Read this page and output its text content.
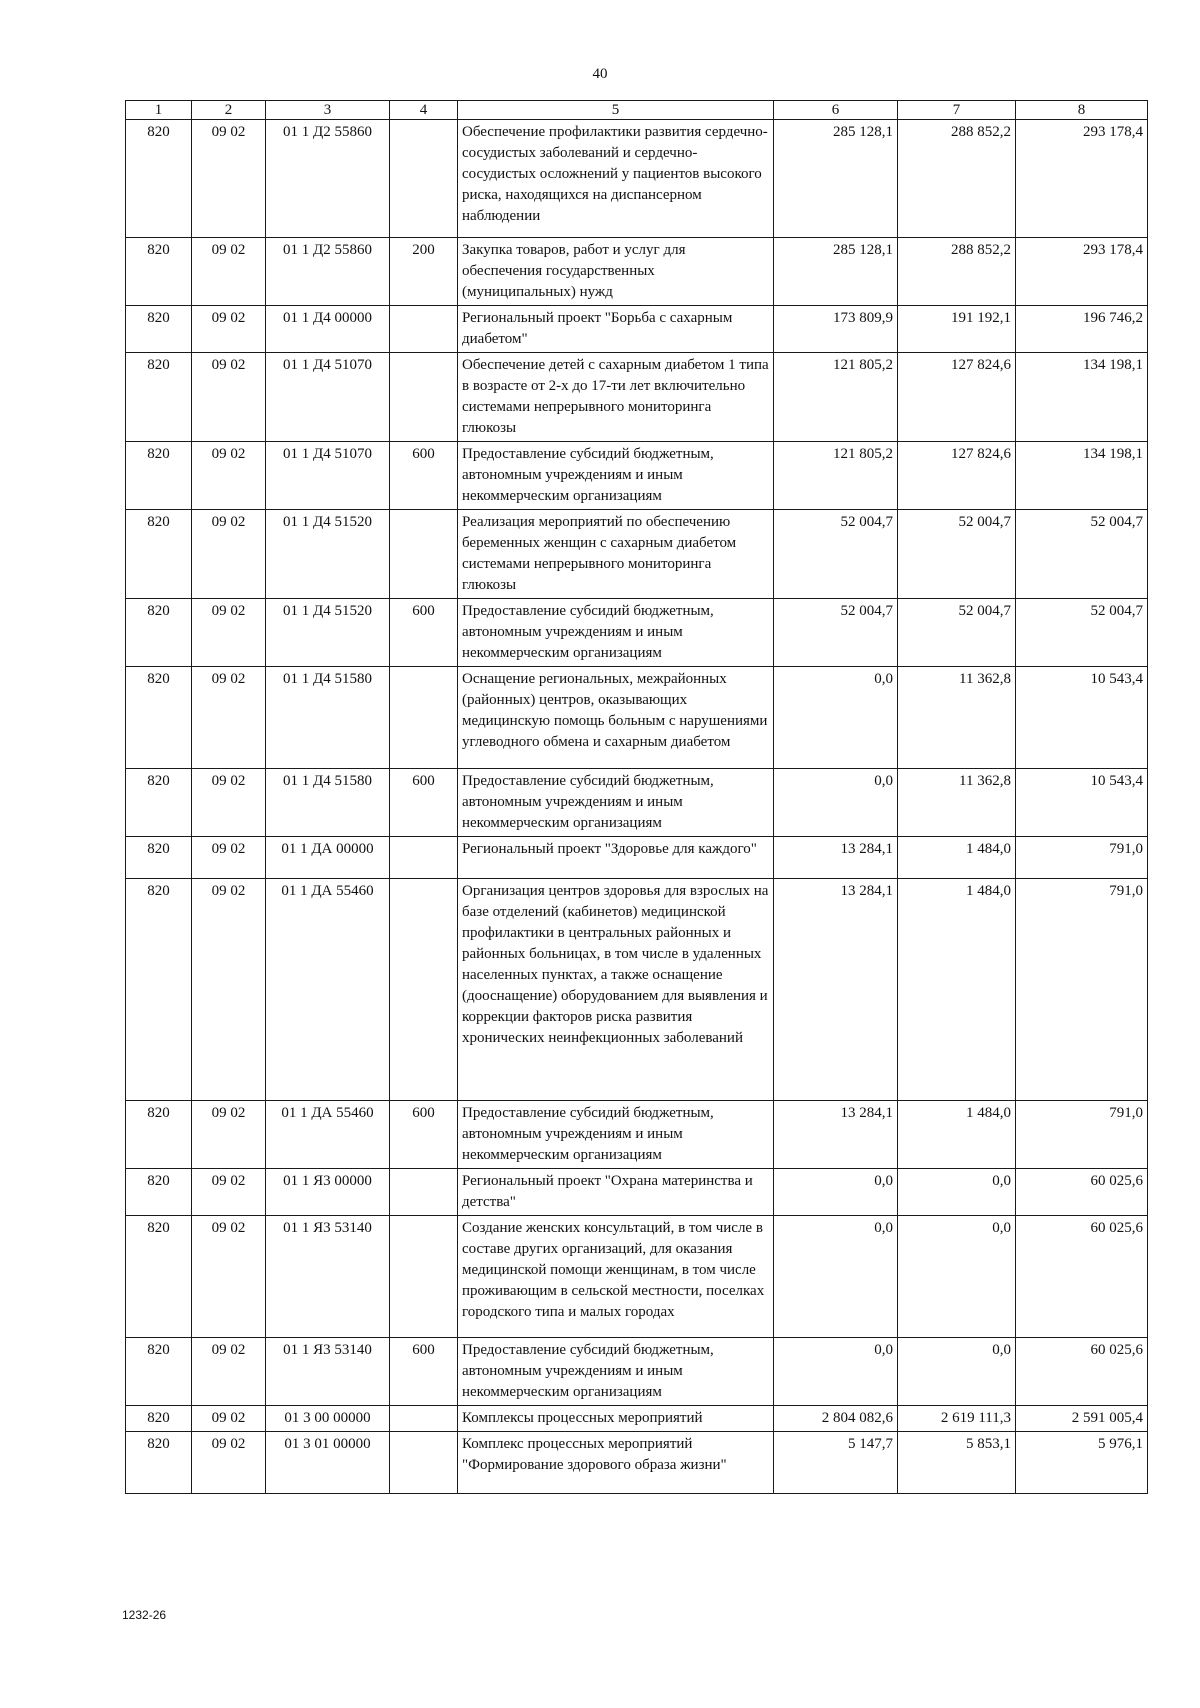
40
1	2	3	4	5	6	7	8
820	09 02	01 1 Д2 55860		Обеспечение профилактики развития сердечно-сосудистых заболеваний и сердечно-сосудистых осложнений у пациентов высокого риска, находящихся на диспансерном наблюдении	285 128,1	288 852,2	293 178,4
820	09 02	01 1 Д2 55860	200	Закупка товаров, работ и услуг для обеспечения государственных (муниципальных) нужд	285 128,1	288 852,2	293 178,4
820	09 02	01 1 Д4 00000		Региональный проект "Борьба с сахарным диабетом"	173 809,9	191 192,1	196 746,2
820	09 02	01 1 Д4 51070		Обеспечение детей с сахарным диабетом 1 типа в возрасте от 2-х до 17-ти лет включительно системами непрерывного мониторинга глюкозы	121 805,2	127 824,6	134 198,1
820	09 02	01 1 Д4 51070	600	Предоставление субсидий бюджетным, автономным учреждениям и иным некоммерческим организациям	121 805,2	127 824,6	134 198,1
820	09 02	01 1 Д4 51520		Реализация мероприятий по обеспечению беременных женщин с сахарным диабетом системами непрерывного мониторинга глюкозы	52 004,7	52 004,7	52 004,7
820	09 02	01 1 Д4 51520	600	Предоставление субсидий бюджетным, автономным учреждениям и иным некоммерческим организациям	52 004,7	52 004,7	52 004,7
820	09 02	01 1 Д4 51580		Оснащение региональных, межрайонных (районных) центров, оказывающих медицинскую помощь больным с нарушениями углеводного обмена и сахарным диабетом	0,0	11 362,8	10 543,4
820	09 02	01 1 Д4 51580	600	Предоставление субсидий бюджетным, автономным учреждениям и иным некоммерческим организациям	0,0	11 362,8	10 543,4
820	09 02	01 1 ДА 00000		Региональный проект "Здоровье для каждого"	13 284,1	1 484,0	791,0
820	09 02	01 1 ДА 55460		Организация центров здоровья для взрослых на базе отделений (кабинетов) медицинской профилактики в центральных районных и районных больницах, в том числе в удаленных населенных пунктах, а также оснащение (дооснащение) оборудованием для выявления и коррекции факторов риска развития хронических неинфекционных заболеваний	13 284,1	1 484,0	791,0
820	09 02	01 1 ДА 55460	600	Предоставление субсидий бюджетным, автономным учреждениям и иным некоммерческим организациям	13 284,1	1 484,0	791,0
820	09 02	01 1 Я3 00000		Региональный проект "Охрана материнства и детства"	0,0	0,0	60 025,6
820	09 02	01 1 Я3 53140		Создание женских консультаций, в том числе в составе других организаций, для оказания медицинской помощи женщинам, в том числе проживающим в сельской местности, поселках городского типа и малых городах	0,0	0,0	60 025,6
820	09 02	01 1 Я3 53140	600	Предоставление субсидий бюджетным, автономным учреждениям и иным некоммерческим организациям	0,0	0,0	60 025,6
820	09 02	01 3 00 00000		Комплексы процессных мероприятий	2 804 082,6	2 619 111,3	2 591 005,4
820	09 02	01 3 01 00000		Комплекс процессных мероприятий "Формирование здорового образа жизни"	5 147,7	5 853,1	5 976,1
1232-26
